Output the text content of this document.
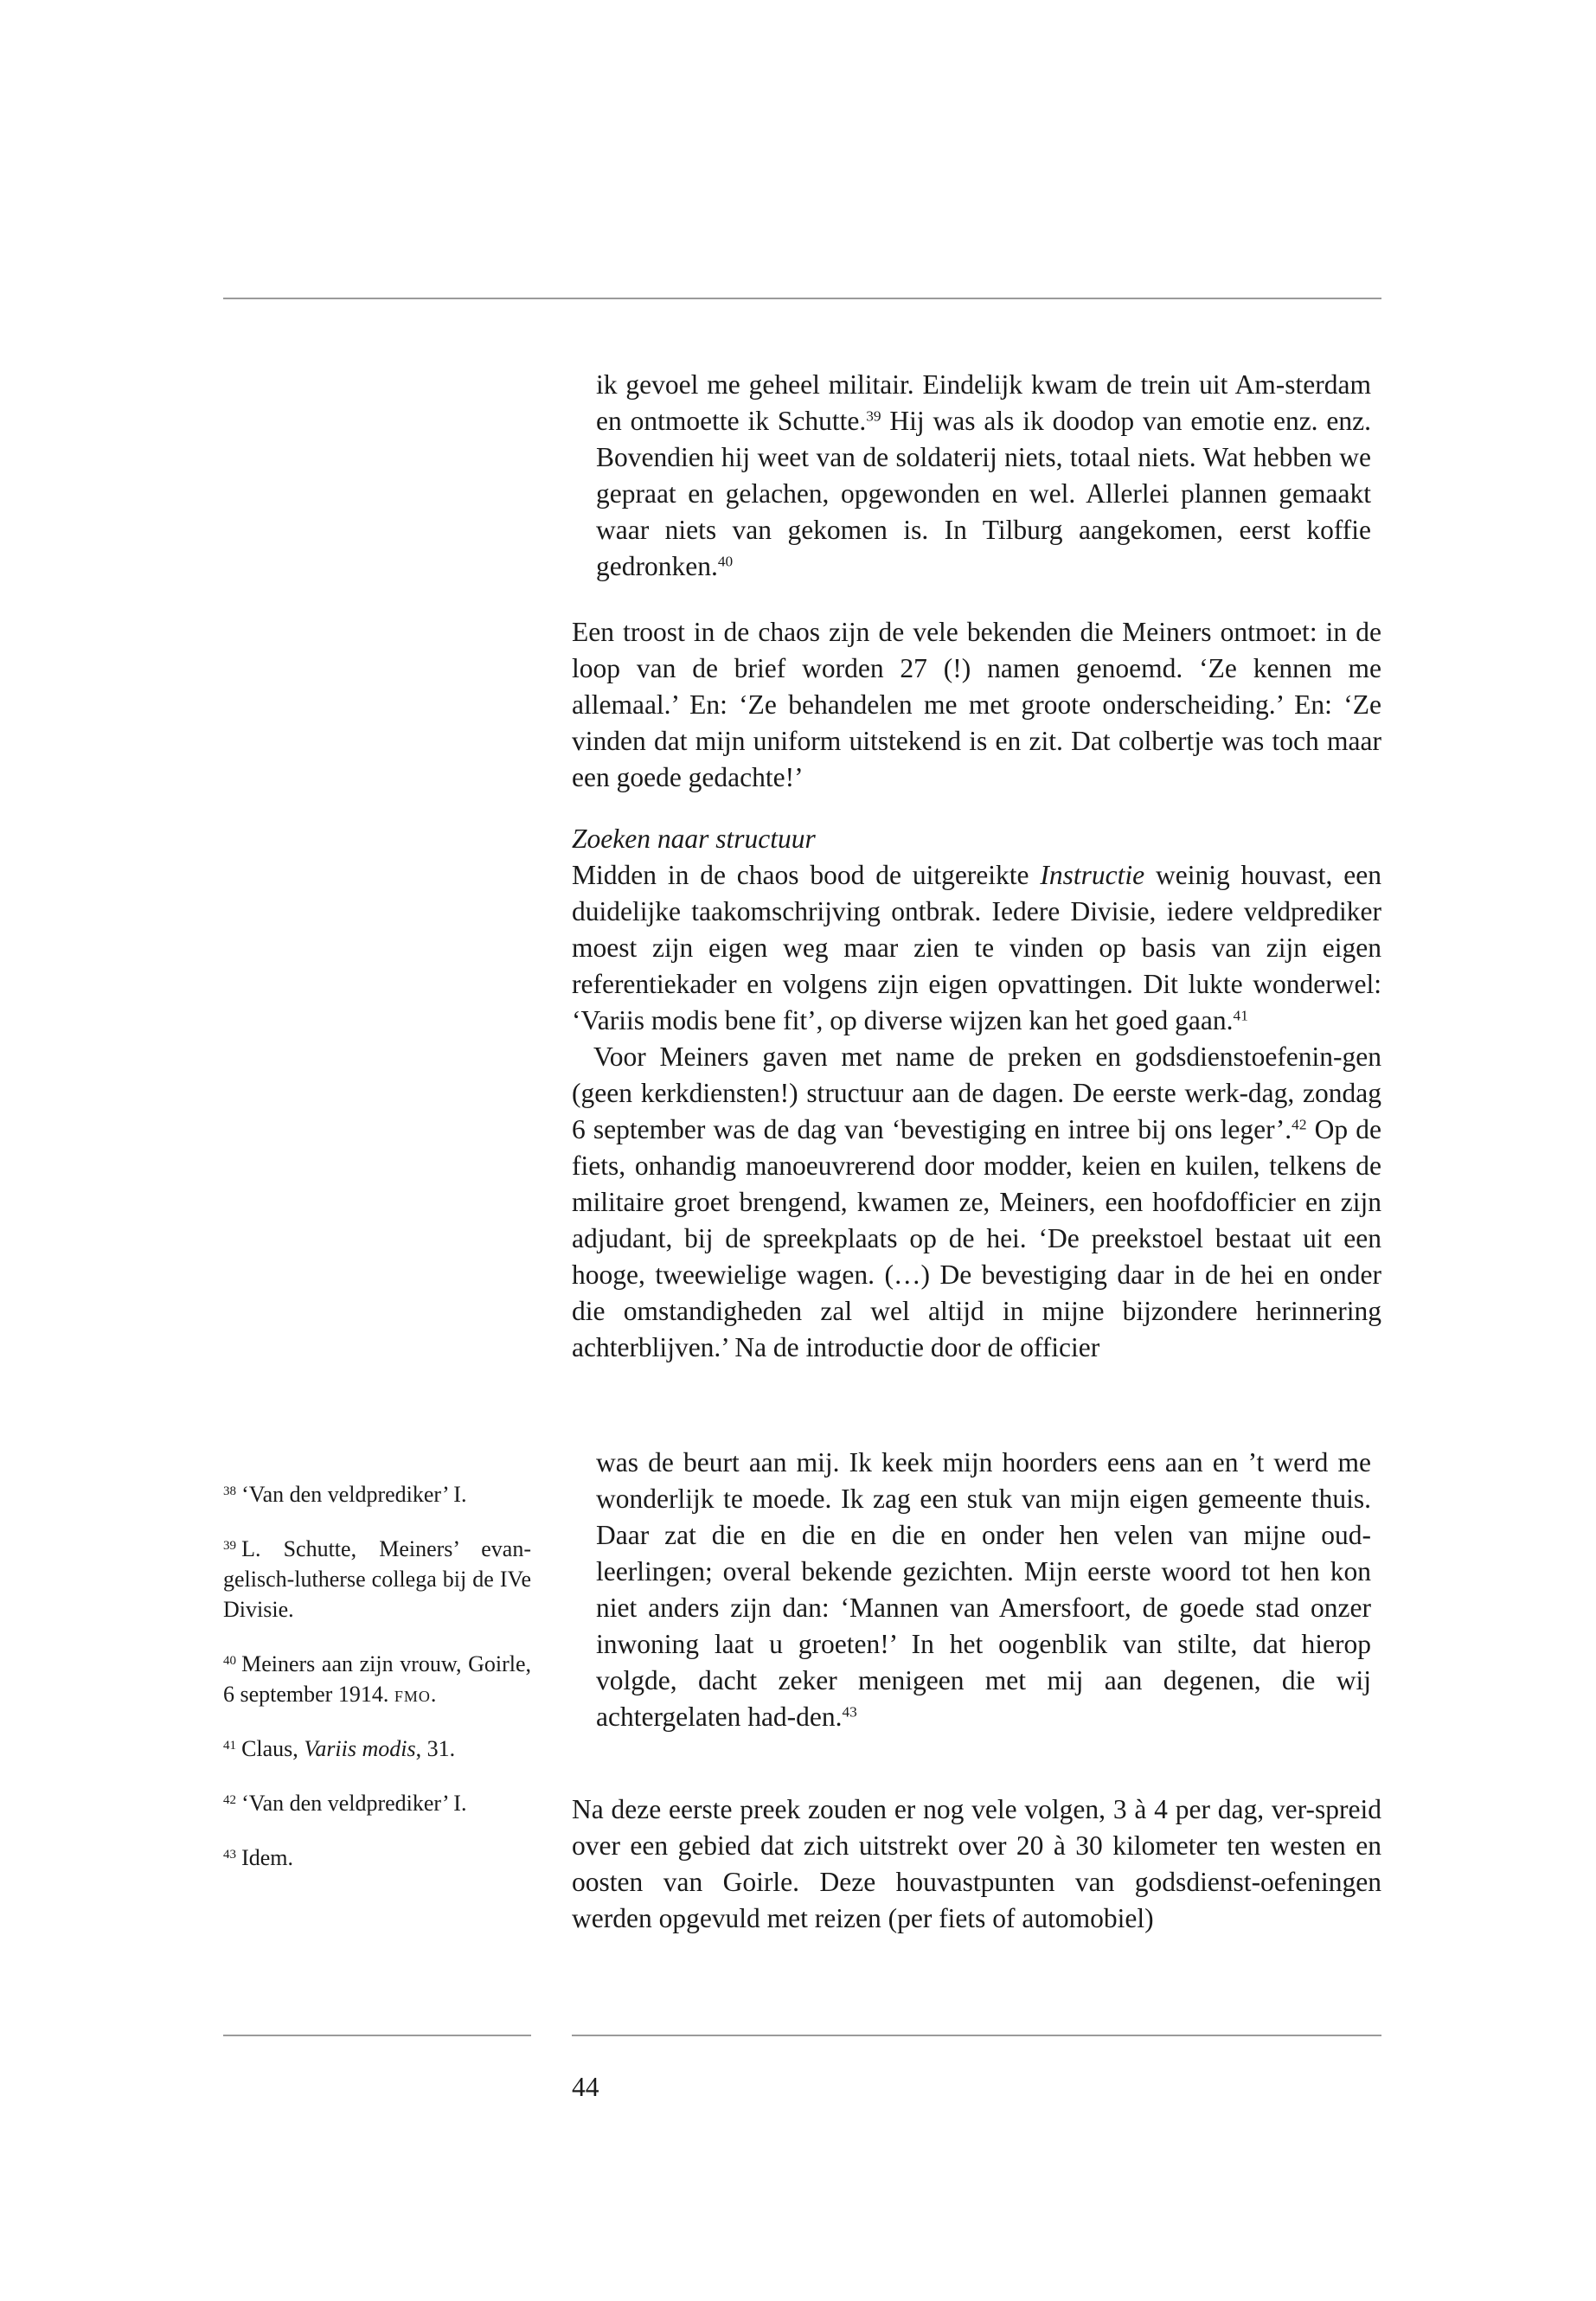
ik gevoel me geheel militair. Eindelijk kwam de trein uit Am-sterdam en ontmoette ik Schutte.$^{39}$ Hij was als ik doodop van emotie enz. enz. Bovendien hij weet van de soldaterij niets, totaal niets. Wat hebben we gepraat en gelachen, opgewonden en wel. Allerlei plannen gemaakt waar niets van gekomen is. In Tilburg aangekomen, eerst koffie gedronken.$^{40}$

Een troost in de chaos zijn de vele bekenden die Meiners ontmoet: in de loop van de brief worden 27 (!) namen genoemd. ‘Ze kennen me allemaal.’ En: ‘Ze behandelen me met groote onderscheiding.’ En: ‘Ze vinden dat mijn uniform uitstekend is en zit. Dat colbertje was toch maar een goede gedachte!’

Zoeken naar structuur

Midden in de chaos bood de uitgereikte Instructie weinig houvast, een duidelijke taakomschrijving ontbrak. Iedere Divisie, iedere veldprediker moest zijn eigen weg maar zien te vinden op basis van zijn eigen referentiekader en volgens zijn eigen opvattingen. Dit lukte wonderwel: ‘Variis modis bene fit’, op diverse wijzen kan het goed gaan.$^{41}$

Voor Meiners gaven met name de preken en godsdienstoefenin-gen (geen kerkdiensten!) structuur aan de dagen. De eerste werk-dag, zondag 6 september was de dag van ‘bevestiging en intree bij ons leger’.$^{42}$ Op de fiets, onhandig manoeuvrerend door modder, keien en kuilen, telkens de militaire groet brengend, kwamen ze, Meiners, een hoofdofficier en zijn adjudant, bij de spreekplaats op de hei. ‘De preekstoel bestaat uit een hooge, tweewielige wagen. (…) De bevestiging daar in de hei en onder die omstandigheden zal wel altijd in mijne bijzondere herinnering achterblijven.’ Na de introductie door de officier

was de beurt aan mij. Ik keek mijn hoorders eens aan en ’t werd me wonderlijk te moede. Ik zag een stuk van mijn eigen gemeente thuis. Daar zat die en die en die en onder hen velen van mijne oud-leerlingen; overal bekende gezichten. Mijn eerste woord tot hen kon niet anders zijn dan: ‘Mannen van Amersfoort, de goede stad onzer inwoning laat u groeten!’ In het oogenblik van stilte, dat hierop volgde, dacht zeker menigeen met mij aan degenen, die wij achtergelaten had-den.$^{43}$

Na deze eerste preek zouden er nog vele volgen, 3 à 4 per dag, ver-spreid over een gebied dat zich uitstrekt over 20 à 30 kilometer ten westen en oosten van Goirle. Deze houvastpunten van godsdienst-oefeningen werden opgevuld met reizen (per fiets of automobiel)

$^{38}$ ‘Van den veldprediker’ I.

$^{39}$ L. Schutte, Meiners’ evan-gelisch-lutherse collega bij de IVe Divisie.

$^{40}$ Meiners aan zijn vrouw, Goirle, 6 september 1914. fmo.

$^{41}$ Claus, Variis modis, 31.

$^{42}$ ‘Van den veldprediker’ I.

$^{43}$ Idem.

44
